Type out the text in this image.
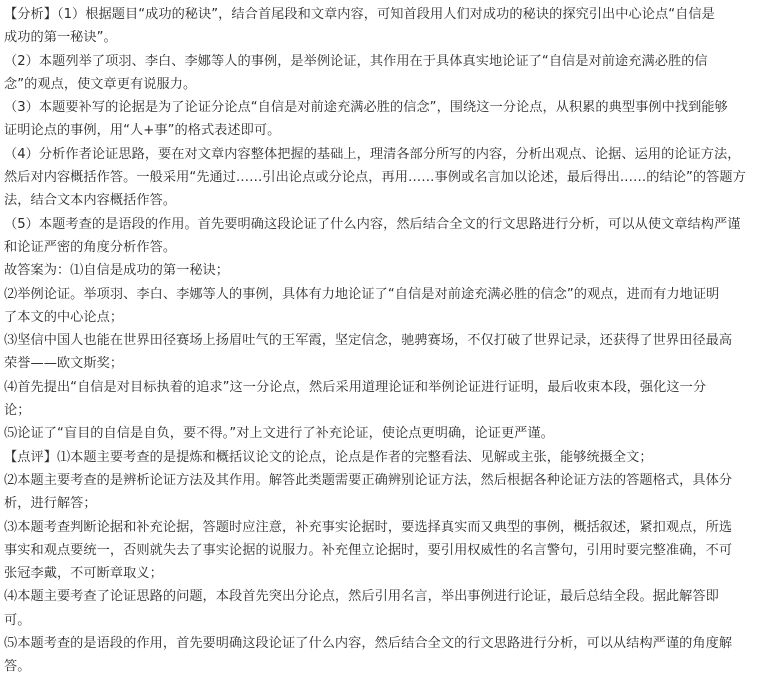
【分析】（1）根据题目“成功的秘诀”，结合首尾段和文章内容，可知首段用人们对成功的秘诀的探究引出中心论点“自信是
成功的第一秘诀”。
（2）本题列举了项羽、李白、李娜等人的事例，是举例论证，其作用在于具体真实地论证了“自信是对前途充满必胜的信
念”的观点，使文章更有说服力。
（3）本题要补写的论据是为了论证分论点“自信是对前途充满必胜的信念”，围绕这一分论点，从积累的典型事例中找到能够
证明论点的事例，用“人+事”的格式表述即可。
（4）分析作者论证思路，要在对文章内容整体把握的基础上，理清各部分所写的内容，分析出观点、论据、运用的论证方法，
然后对内容概括作答。一般采用“先通过……引出论点或分论点，再用……事例或名言加以论述，最后得出……的结论”的答题方
法，结合文本内容概括作答。
（5）本题考查的是语段的作用。首先要明确这段论证了什么内容，然后结合全文的行文思路进行分析，可以从使文章结构严谨
和论证严密的角度分析作答。
故答案为：⑴自信是成功的第一秘诀；
⑵举例论证。举项羽、李白、李娜等人的事例，具体有力地论证了“自信是对前途充满必胜的信念”的观点，进而有力地证明
了本文的中心论点；
⑶坚信中国人也能在世界田径赛场上扬眉吐气的王军霞，坚定信念，驰骋赛场，不仅打破了世界记录，还获得了世界田径最高
荣誉——欧文斯奖；
⑷首先提出“自信是对目标执着的追求”这一分论点，然后采用道理论证和举例论证进行证明，最后收束本段，强化这一分
论；
⑸论证了“盲目的自信是自负，要不得。”对上文进行了补充论证，使论点更明确，论证更严谨。
【点评】⑴本题主要考查的是提炼和概括议论文的论点，论点是作者的完整看法、见解或主张，能够统摄全文；
⑵本题主要考查的是辨析论证方法及其作用。解答此类题需要正确辨别论证方法，然后根据各种论证方法的答题格式，具体分
析，进行解答；
⑶本题考查判断论据和补充论据，答题时应注意，补充事实论据时，要选择真实而又典型的事例，概括叙述，紧扣观点，所选
事实和观点要统一，否则就失去了事实论据的说服力。补充俚立论据时，要引用权威性的名言警句，引用时要完整准确，不可
张冠李戴，不可断章取义；
⑷本题主要考查了论证思路的问题，本段首先突出分论点，然后引用名言，举出事例进行论证，最后总结全段。据此解答即
可。
⑸本题考查的是语段的作用，首先要明确这段论证了什么内容，然后结合全文的行文思路进行分析，可以从结构严谨的角度解
答。
